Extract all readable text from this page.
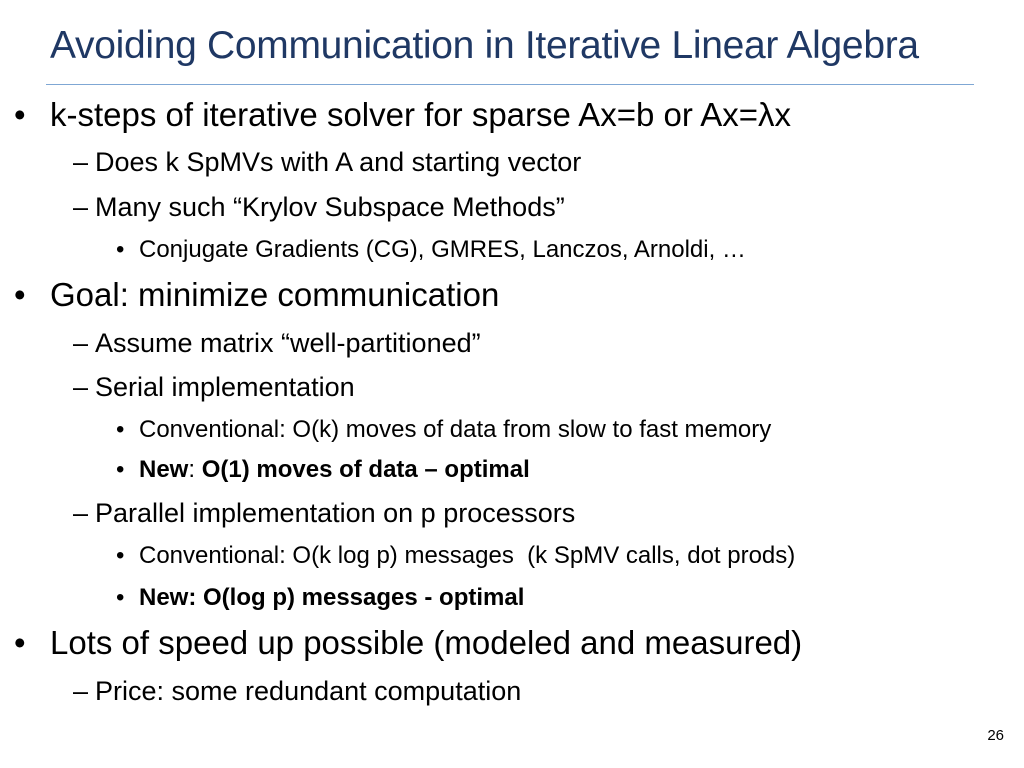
Avoiding Communication in Iterative Linear Algebra
• k-steps of iterative solver for sparse Ax=b or Ax=λx
– Does k SpMVs with A and starting vector
– Many such “Krylov Subspace Methods”
• Conjugate Gradients (CG), GMRES, Lanczos, Arnoldi, …
• Goal: minimize communication
– Assume matrix “well-partitioned”
– Serial implementation
• Conventional: O(k) moves of data from slow to fast memory
• New: O(1) moves of data – optimal
– Parallel implementation on p processors
• Conventional: O(k log p) messages  (k SpMV calls, dot prods)
• New: O(log p) messages - optimal
• Lots of speed up possible (modeled and measured)
– Price: some redundant computation
26
